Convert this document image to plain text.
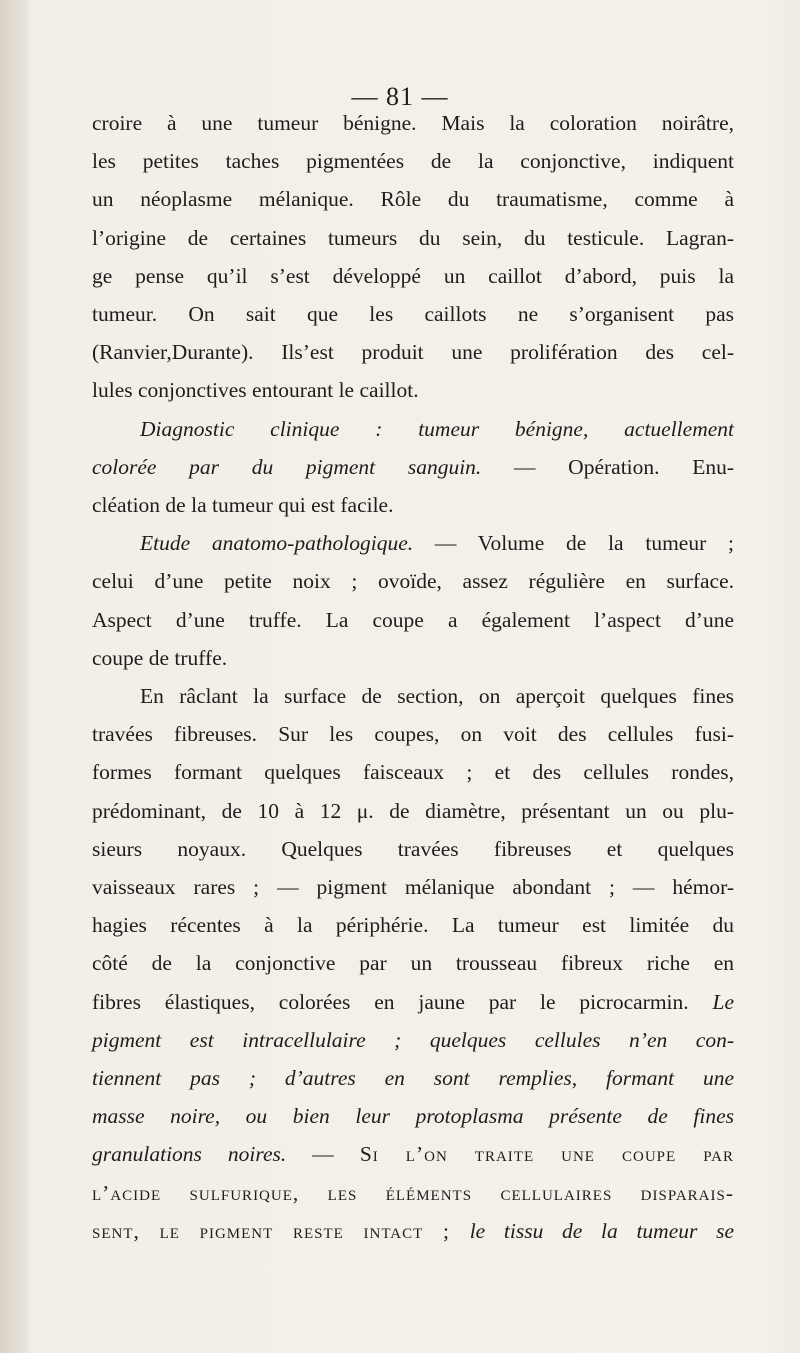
— 81 —
croire à une tumeur bénigne. Mais la coloration noirâtre,
les petites taches pigmentées de la conjonctive, indiquent
un néoplasme mélanique. Rôle du traumatisme, comme à
l’origine de certaines tumeurs du sein, du testicule. Lagran-
ge pense qu’il s’est développé un caillot d’abord, puis la
tumeur. On sait que les caillots ne s’organisent pas
(Ranvier,Durante). Ils’est produit une prolifération des cel-
lules conjonctives entourant le caillot.
Diagnostic clinique : tumeur bénigne, actuellement
colorée par du pigment sanguin. — Opération. Enu-
cléation de la tumeur qui est facile.
Etude anatomo-pathologique. — Volume de la tumeur ;
celui d’une petite noix ; ovoïde, assez régulière en surface.
Aspect d’une truffe. La coupe a également l’aspect d’une
coupe de truffe.
En râclant la surface de section, on aperçoit quelques fines
travées fibreuses. Sur les coupes, on voit des cellules fusi-
formes formant quelques faisceaux ; et des cellules rondes,
prédominant, de 10 à 12 μ. de diamètre, présentant un ou plu-
sieurs noyaux. Quelques travées fibreuses et quelques
vaisseaux rares ; — pigment mélanique abondant ; — hémor-
hagies récentes à la périphérie. La tumeur est limitée du
côté de la conjonctive par un trousseau fibreux riche en
fibres élastiques, colorées en jaune par le picrocarmin. Le
pigment est intracellulaire ; quelques cellules n’en con-
tiennent pas ; d’autres en sont remplies, formant une
masse noire, ou bien leur protoplasma présente de fines
granulations noires. — Si l’on traite une coupe par
l’acide sulfurique, les éléments cellulaires disparais-
sent, le pigment reste intact ; le tissu de la tumeur se
